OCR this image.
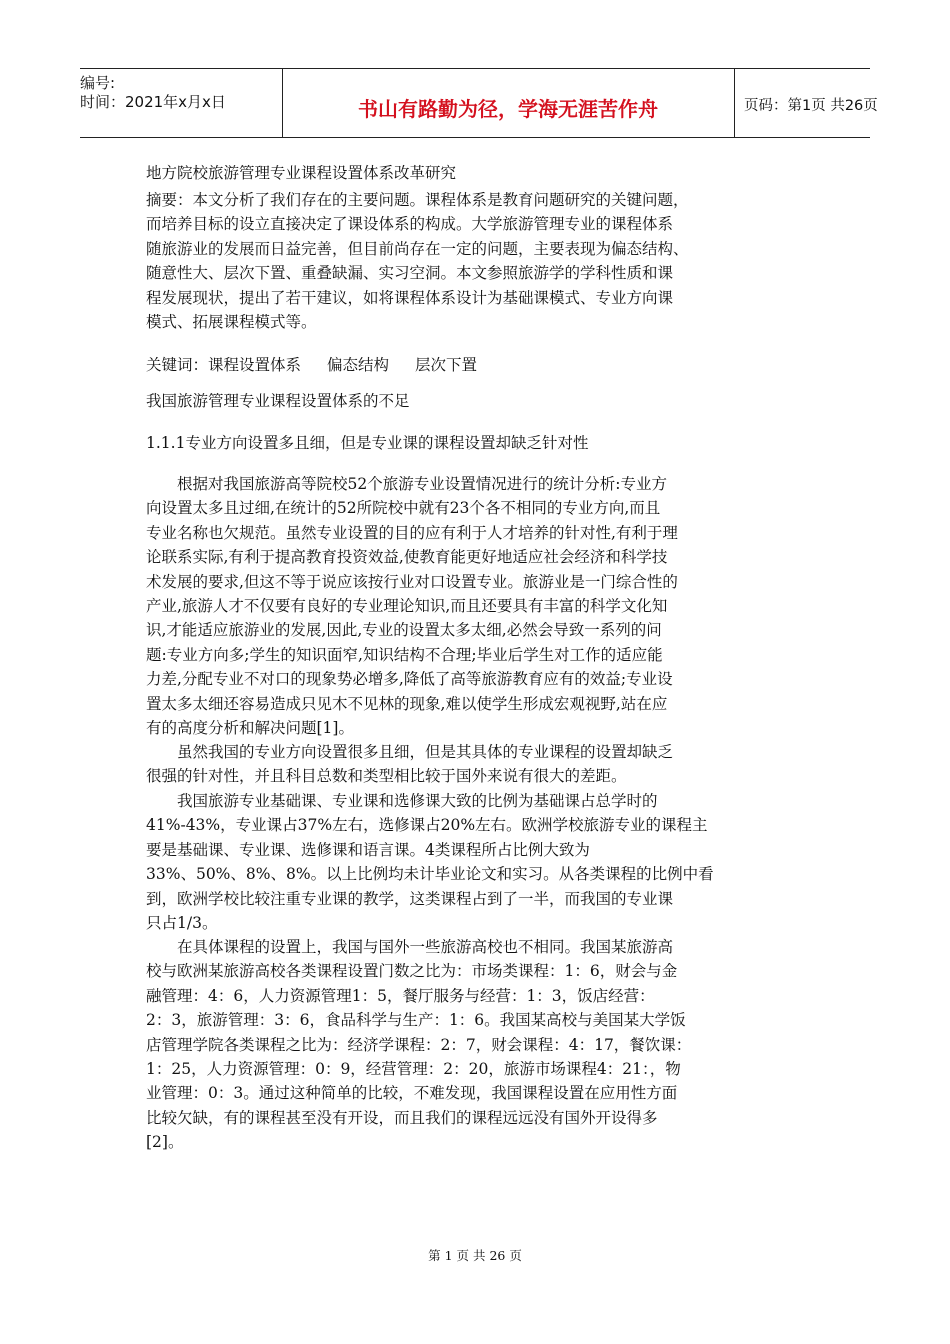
编号:
时间：2021年x月x日	书山有路勤为径，学海无涯苦作舟	页码：第1页 共26页
地方院校旅游管理专业课程设置体系改革研究
摘要：本文分析了我们存在的主要问题。课程体系是教育问题研究的关键问题，
而培养目标的设立直接决定了课设体系的构成。大学旅游管理专业的课程体系
随旅游业的发展而日益完善，但目前尚存在一定的问题，主要表现为偏态结构、
随意性大、层次下置、重叠缺漏、实习空洞。本文参照旅游学的学科性质和课
程发展现状，提出了若干建议，如将课程体系设计为基础课模式、专业方向课
模式、拓展课程模式等。
关键词：课程设置体系 偏态结构 层次下置
我国旅游管理专业课程设置体系的不足
1.1.1专业方向设置多且细，但是专业课的课程设置却缺乏针对性
　　根据对我国旅游高等院校52个旅游专业设置情况进行的统计分析:专业方
向设置太多且过细,在统计的52所院校中就有23个各不相同的专业方向,而且
专业名称也欠规范。虽然专业设置的目的应有利于人才培养的针对性,有利于理
论联系实际,有利于提高教育投资效益,使教育能更好地适应社会经济和科学技
术发展的要求,但这不等于说应该按行业对口设置专业。旅游业是一门综合性的
产业,旅游人才不仅要有良好的专业理论知识,而且还要具有丰富的科学文化知
识,才能适应旅游业的发展,因此,专业的设置太多太细,必然会导致一系列的问
题:专业方向多;学生的知识面窄,知识结构不合理;毕业后学生对工作的适应能
力差,分配专业不对口的现象势必增多,降低了高等旅游教育应有的效益;专业设
置太多太细还容易造成只见木不见林的现象,难以使学生形成宏观视野,站在应
有的高度分析和解决问题[1]。
　　虽然我国的专业方向设置很多且细，但是其具体的专业课程的设置却缺乏
很强的针对性，并且科目总数和类型相比较于国外来说有很大的差距。
　　我国旅游专业基础课、专业课和选修课大致的比例为基础课占总学时的
41%-43%，专业课占37%左右，选修课占20%左右。欧洲学校旅游专业的课程主
要是基础课、专业课、选修课和语言课。4类课程所占比例大致为
33%、50%、8%、8%。以上比例均未计毕业论文和实习。从各类课程的比例中看
到，欧洲学校比较注重专业课的教学，这类课程占到了一半，而我国的专业课
只占1/3。
　　在具体课程的设置上，我国与国外一些旅游高校也不相同。我国某旅游高
校与欧洲某旅游高校各类课程设置门数之比为：市场类课程：1：6，财会与金
融管理：4：6，人力资源管理1：5，餐厅服务与经营：1：3，饭店经营：
2：3，旅游管理：3：6，食品科学与生产：1：6。我国某高校与美国某大学饭
店管理学院各类课程之比为：经济学课程：2：7，财会课程：4：17，餐饮课：
1：25，人力资源管理：0：9，经营管理：2：20，旅游市场课程4：21：，物
业管理：0：3。通过这种简单的比较，不难发现，我国课程设置在应用性方面
比较欠缺，有的课程甚至没有开设，而且我们的课程远远没有国外开设得多
[2]。
第 1 页 共 26 页
